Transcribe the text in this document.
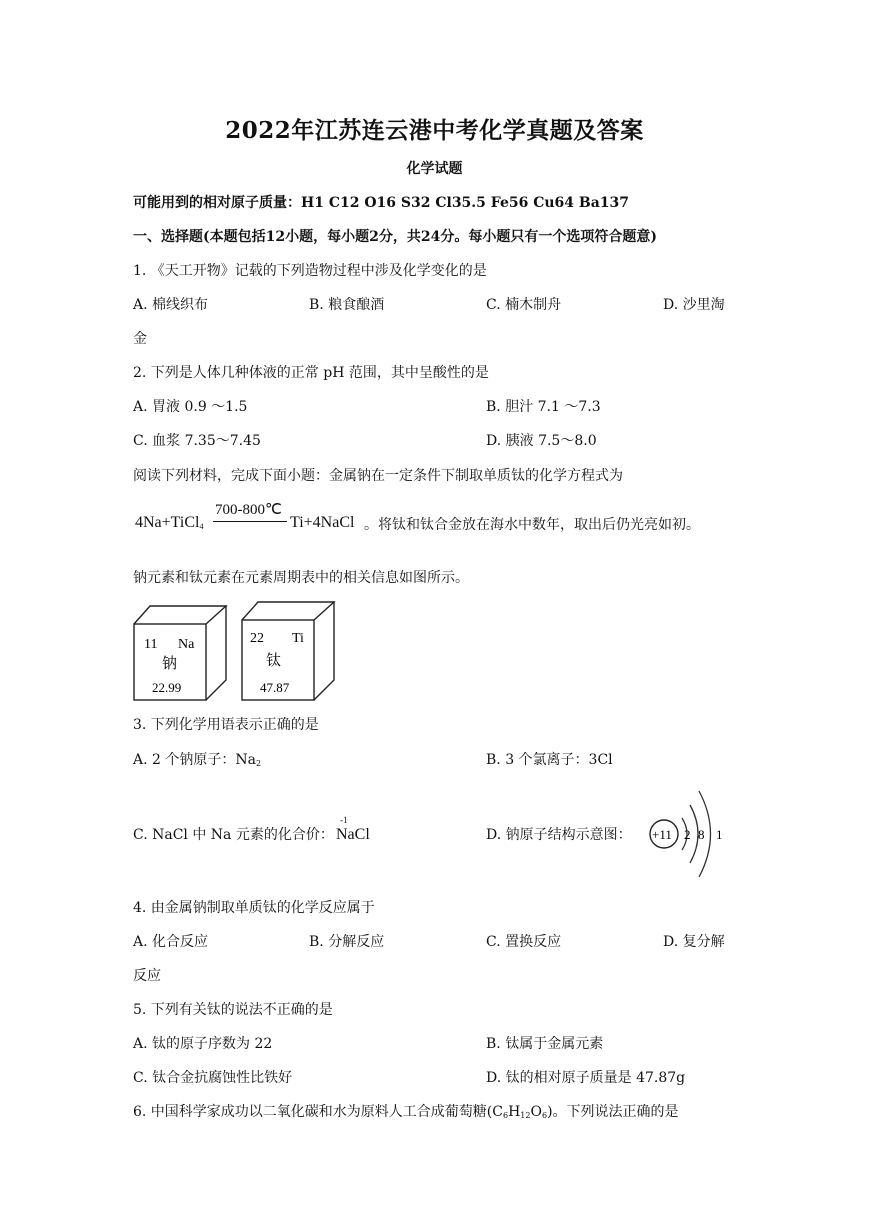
2022年江苏连云港中考化学真题及答案
化学试题
可能用到的相对原子质量：H1 C12 O16 S32 Cl35.5 Fe56 Cu64 Ba137
一、选择题(本题包括12小题，每小题2分，共24分。每小题只有一个选项符合题意)
1. 《天工开物》记载的下列造物过程中涉及化学变化的是
A. 棉线织布	B. 粮食酿酒	C. 楠木制舟	D. 沙里淘
金
2. 下列是人体几种体液的正常 pH 范围，其中呈酸性的是
A. 胃液 0.9 ～1.5	B. 胆汁 7.1 ～7.3
C. 血浆 7.35～7.45	D. 胰液 7.5～8.0
阅读下列材料，完成下面小题：金属钠在一定条件下制取单质钛的化学方程式为
4Na+TiCl$_4$
700-800℃
Ti+4NaCl 。将钛和钛合金放在海水中数年，取出后仍光亮如初。
钠元素和钛元素在元素周期表中的相关信息如图所示。
11 Na
钠
22.99
22 Ti
钛
47.87
3. 下列化学用语表示正确的是
A. 2 个钠原子：$Na_2$	B. 3 个氯离子：3Cl
C. NaCl 中 Na 元素的化合价：
-1
NaCl	D. 钠原子结构示意图： +11 2 8 1
4. 由金属钠制取单质钛的化学反应属于
A. 化合反应	B. 分解反应	C. 置换反应	D. 复分解
反应
5. 下列有关钛的说法不正确的是
A. 钛的原子序数为 22	B. 钛属于金属元素
C. 钛合金抗腐蚀性比铁好	D. 钛的相对原子质量是 47.87g
6. 中国科学家成功以二氧化碳和水为原料人工合成葡萄糖$(C_6H_{12}O_6)$。下列说法正确的是
